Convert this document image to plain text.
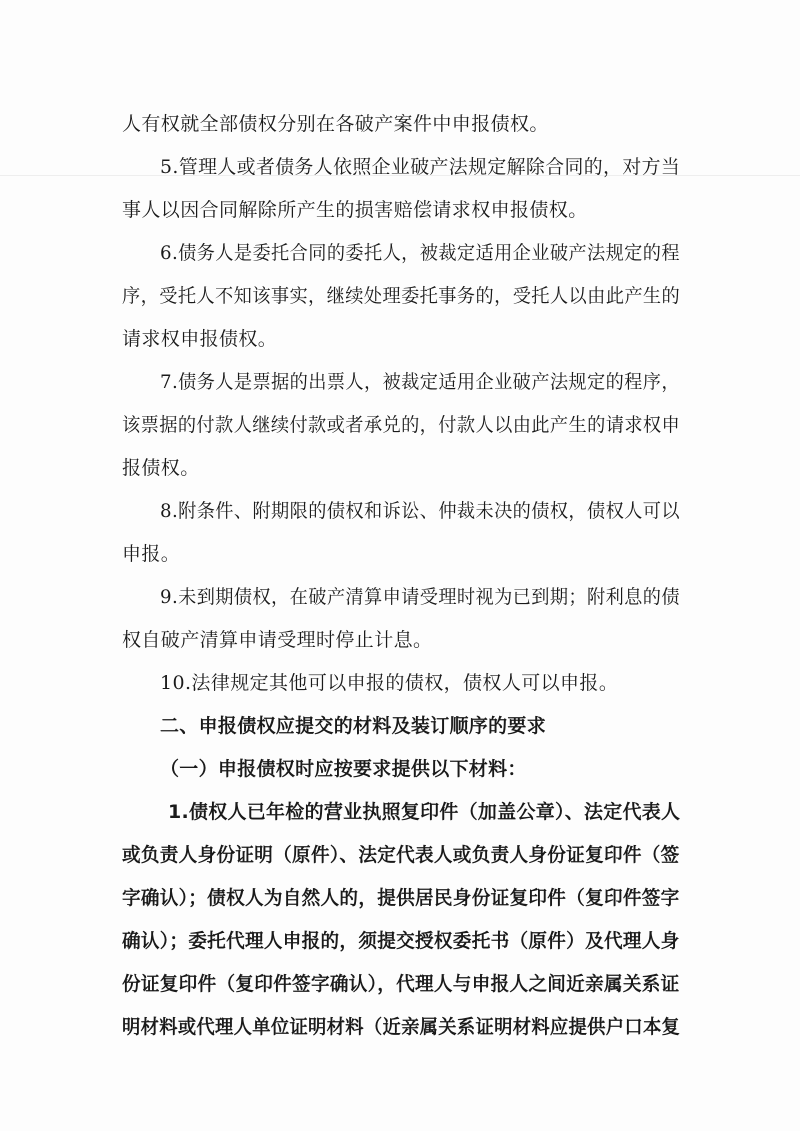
人有权就全部债权分别在各破产案件中申报债权。
5.管理人或者债务人依照企业破产法规定解除合同的，对方当
事人以因合同解除所产生的损害赔偿请求权申报债权。
6.债务人是委托合同的委托人，被裁定适用企业破产法规定的程
序，受托人不知该事实，继续处理委托事务的，受托人以由此产生的
请求权申报债权。
7.债务人是票据的出票人，被裁定适用企业破产法规定的程序，
该票据的付款人继续付款或者承兑的，付款人以由此产生的请求权申
报债权。
8.附条件、附期限的债权和诉讼、仲裁未决的债权，债权人可以
申报。
9.未到期债权，在破产清算申请受理时视为已到期；附利息的债
权自破产清算申请受理时停止计息。
10.法律规定其他可以申报的债权，债权人可以申报。
二、申报债权应提交的材料及装订顺序的要求
（一）申报债权时应按要求提供以下材料：
1.债权人已年检的营业执照复印件（加盖公章）、法定代表人
或负责人身份证明（原件）、法定代表人或负责人身份证复印件（签
字确认）；债权人为自然人的，提供居民身份证复印件（复印件签字
确认）；委托代理人申报的，须提交授权委托书（原件）及代理人身
份证复印件（复印件签字确认），代理人与申报人之间近亲属关系证
明材料或代理人单位证明材料（近亲属关系证明材料应提供户口本复
